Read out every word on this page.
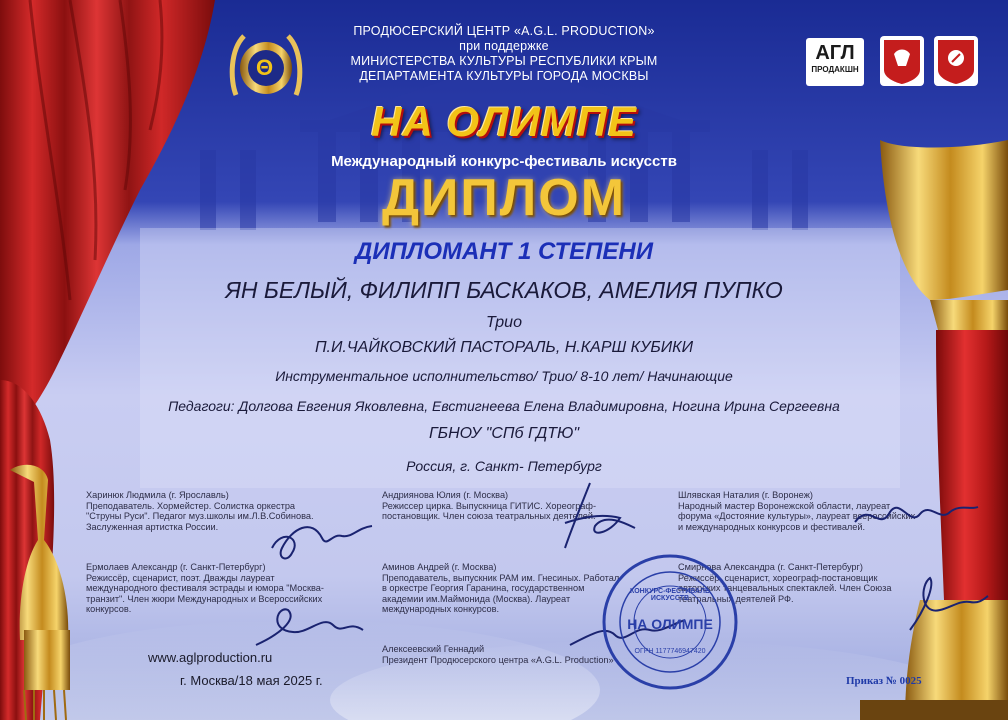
АГЛ
ПРОДАКШН
Θ
ПРОДЮСЕРСКИЙ ЦЕНТР «A.G.L. PRODUCTION»
при поддержке
МИНИСТЕРСТВА КУЛЬТУРЫ РЕСПУБЛИКИ КРЫМ
ДЕПАРТАМЕНТА КУЛЬТУРЫ ГОРОДА МОСКВЫ
НА ОЛИМПЕ
Международный конкурс-фестиваль искусств
ДИПЛОМ
ДИПЛОМАНТ 1 СТЕПЕНИ
ЯН БЕЛЫЙ, ФИЛИПП БАСКАКОВ, АМЕЛИЯ ПУПКО
Трио
П.И.ЧАЙКОВСКИЙ ПАСТОРАЛЬ, Н.КАРШ КУБИКИ
Инструментальное исполнительство/ Трио/ 8-10 лет/ Начинающие
Педагоги: Долгова Евгения Яковлевна, Евстигнеева Елена Владимировна, Ногина Ирина Сергеевна
ГБНОУ "СПб ГДТЮ"
Россия, г. Санкт- Петербург
Харинюк Людмила (г. Ярославль)
Преподаватель. Хормейстер. Солистка оркестра "Струны Руси". Педагог муз.школы им.Л.В.Собинова. Заслуженная артистка России.
Андриянова Юлия (г. Москва)
Режиссер цирка. Выпускница ГИТИС. Хореограф-постановщик. Член союза театральных деятелей.
Шлявская Наталия (г. Воронеж)
Народный мастер Воронежской области, лауреат форума «Достояние культуры», лауреат всероссийских и международных конкурсов и фестивалей.
Ермолаев Александр (г. Санкт-Петербург)
Режиссёр, сценарист, поэт. Дважды лауреат международного фестиваля эстрады и юмора "Москва-транзит". Член жюри Международных и Всероссийских конкурсов.
Аминов Андрей (г. Москва)
Преподаватель, выпускник РАМ им. Гнесиных. Работал в оркестре Георгия Гаранина, государственном академии им.Маймонида (Москва). Лауреат международных конкурсов.
Смирнова Александра (г. Санкт-Петербург)
Режиссёр, сценарист, хореограф-постановщик авторских танцевальных спектаклей. Член Союза театральных деятелей РФ.
Алексеевский Геннадий
Президент Продюсерского центра «A.G.L. Production»
КОНКУРС-ФЕСТИВАЛЬ ИСКУССТВ
НА ОЛИМПЕ
ОГРН 1177746947420
www.aglproduction.ru
г. Москва/18 мая 2025 г.	Приказ № 0025
